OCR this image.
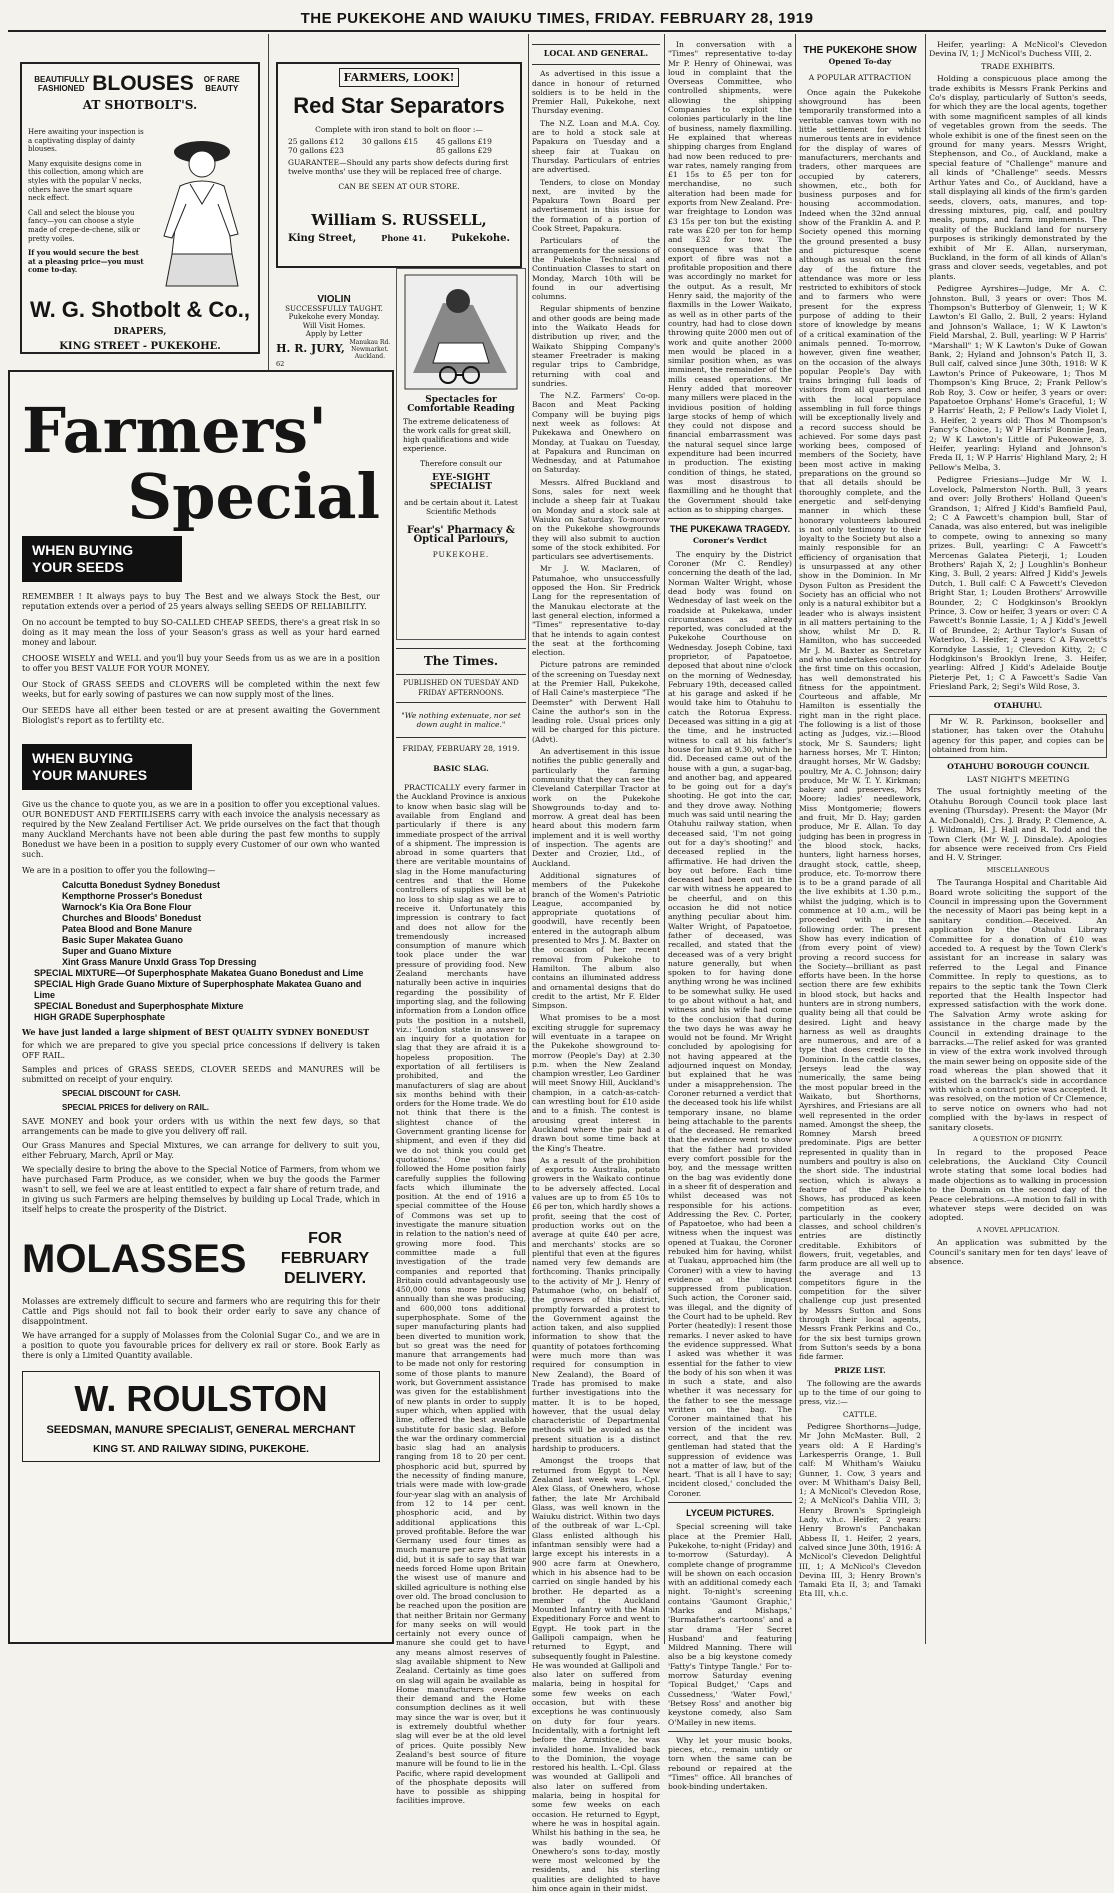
THE PUKEKOHE AND WAIUKU TIMES, FRIDAY. FEBRUARY 28, 1919
BEAUTIFULLY FASHIONED BLOUSES	OF RARE BEAUTY
AT SHOTBOLT'S.

Here awaiting your inspection is a captivating display of dainty blouses.

Many exquisite designs come in this collection, among which are styles with the popular V necks, others have the smart square neck effect.

Call and select the blouse you fancy—you can choose a style made of crepe-de-chene, silk or pretty voiles.

If you would secure the best at a pleasing price—you must come to-day.

W. G. Shotbolt & Co.,
DRAPERS,
KING STREET - PUKEKOHE.
FARMERS, LOOK!
Red Star Separators
Complete with iron stand to bolt on floor :—
25 gallons £12	30 gallons £15	45 gallons £19
70 gallons £23	85 gallons £29
GUARANTEE—Should any parts show defects during first twelve months' use they will be replaced free of charge.
CAN BE SEEN AT OUR STORE.
William S. RUSSELL,
King Street,	Phone 41.	Pukekohe.
Spectacles for Comfortable Reading

The extreme delicateness of the work calls for great skill, high qualifications and wide experience.

Therefore consult our
EYE-SIGHT SPECIALIST
and be certain about it. Latest Scientific Methods
Fear's' Pharmacy & Optical Parlours,
PUKEKOHE.
VIOLIN
SUCCESSFULLY TAUGHT.
Pukekohe every Monday.
Will Visit Homes.
Apply by Letter
H. R. JURY, Manukau Rd. Newmarket. Auckland.
62
The Times.
PUBLISHED ON TUESDAY AND FRIDAY AFTERNOONS.
"We nothing extenuate, nor set down aught in malice."
FRIDAY, FEBRUARY 28, 1919.
BASIC SLAG.

PRACTICALLY every farmer in the Auckland Province is anxious to know when basic slag will be available from England and particularly if there is any immediate prospect of the arrival of a shipment. The impression is abroad in some quarters that there are veritable mountains of slag in the Home manufacturing centres and that the Home controllers of supplies will be at no loss to ship slag as we are to receive it. Unfortunately this impression is contrary to fact and does not allow for the tremendously increased consumption of manure which took place under the war pressure of providing food. New Zealand merchants have naturally been active in inquiries regarding the possibility of importing slag, and the following information from a London office puts the position in a nutshell, viz.: 'London state in answer to an inquiry for a quotation for slag that they are afraid it is a hopeless proposition. The exportation of all fertilisers is prohibited, and the manufacturers of slag are about six months behind with their orders for the Home trade. We do not think that there is the slightest chance of the Government granting license for shipment, and even if they did we do not think you could get quotations.' One who has followed the Home position fairly carefully supplies the following facts which illuminate the position. At the end of 1916 a special committee of the House of Commons was set up to investigate the manure situation in relation to the nation's need of growing more food. This committee made a full investigation of the trade companies and reported that Britain could advantageously use 450,000 tons more basic slag annually than she was producing, and 600,000 tons additional superphosphate. Some of the super manufacturing plants had been diverted to munition work, but so great was the need for manure that arrangements had to be made not only for restoring some of those plants to manure work, but Government assistance was given for the establishment of new plants in order to supply super which, when applied with lime, offered the best available substitute for basic slag. Before the war the ordinary commercial basic slag had an analysis ranging from 18 to 20 per cent. phosphoric acid but, spurred by the necessity of finding manure, trials were made with low-grade four-year slag with an analysis of from 12 to 14 per cent. phosphoric acid, and by additional applications this proved profitable. Before the war Germany used four times as much manure per acre as Britain did, but it is safe to say that war needs forced Home upon Britain the wisest use of manure and skilled agriculture is nothing else over old. The broad conclusion to be reached upon the position are that neither Britain nor Germany for many seeks on will would certainly not every ounce of manure she could get to have any means almost reserves of slag available shipment to New Zealand. Certainly as time goes on slag will again be available as Home manufacturers overtake their demand and the Home consumption declines as it well may since the war is over, but it is extremely doubtful whether slag will ever be at the old level of prices. Quite possibly New Zealand's best source of fiture manure will be found to lie in the Pacific, where rapid development of the phosphate deposits will have to possible as shipping facilities improve.

Farmers'
Special
WHEN BUYING
YOUR SEEDS

REMEMBER ! It always pays to buy The Best and we always Stock the Best, our reputation extends over a period of 25 years always selling SEEDS OF RELIABILITY.

On no account be tempted to buy SO-CALLED CHEAP SEEDS, there's a great risk in so doing as it may mean the loss of your Season's grass as well as your hard earned money and labour.

CHOOSE WISELY and WELL and you'll buy your Seeds from us as we are in a position to offer you BEST VALUE FOR YOUR MONEY.

Our Stock of GRASS SEEDS and CLOVERS will be completed within the next few weeks, but for early sowing of pastures we can now supply most of the lines.

Our SEEDS have all either been tested or are at present awaiting the Government Biologist's report as to fertility etc.

WHEN BUYING
YOUR MANURES

Give us the chance to quote you, as we are in a position to offer you exceptional values. OUR BONEDUST AND FERTILISERS carry with each invoice the analysis necessary as required by the New Zealand Fertiliser Act. We pride ourselves on the fact that though many Auckland Merchants have not been able during the past few months to supply Bonedust we have been in a position to supply every Customer of our own who wanted such.

We are in a position to offer you the following—

Calcutta Bonedust Sydney Bonedust
Kempthorne Prosser's Bonedust
Warnock's Kia Ora Bone Flour
Churches and Bloods' Bonedust
Patea Blood and Bone Manure
Basic Super Makatea Guano
Super and Guano Mixture
Xint Grass Manure Unxld Grass Top Dressing
SPECIAL MIXTURE—Of Superphosphate Makatea Guano Bonedust and Lime
SPECIAL High Grade Guano Mixture of Superphosphate Makatea Guano and Lime
SPECIAL Bonedust and Superphosphate Mixture
HIGH GRADE Superphosphate

We have just landed a large shipment of BEST QUALITY SYDNEY BONEDUST

for which we are prepared to give you special price concessions if delivery is taken OFF RAIL.

Samples and prices of GRASS SEEDS, CLOVER SEEDS and MANURES will be submitted on receipt of your enquiry.

SPECIAL DISCOUNT for CASH.

SPECIAL PRICES for delivery on RAIL.

SAVE MONEY and book your orders with us within the next few days, so that arrangements can be made to give you delivery off rail.

Our Grass Manures and Special Mixtures, we can arrange for delivery to suit you, either February, March, April or May.

We specially desire to bring the above to the Special Notice of Farmers, from whom we have purchased Farm Produce, as we consider, when we buy the goods the Farmer wasn't to sell, we feel we are at least entitled to expect a fair share of return trade, and in giving us such Farmers are helping themselves by building up Local Trade, which in itself helps to create the prosperity of the District.

MOLASSES	FOR FEBRUARY DELIVERY.

Molasses are extremely difficult to secure and farmers who are requiring this for their Cattle and Pigs should not fail to book their order early to save any chance of disappointment.

We have arranged for a supply of Molasses from the Colonial Sugar Co., and we are in a position to quote you favourable prices for delivery ex rail or store. Book Early as there is only a Limited Quantity available.

W. ROULSTON
SEEDSMAN, MANURE SPECIALIST, GENERAL MERCHANT
KING ST. AND RAILWAY SIDING, PUKEKOHE.
LOCAL AND GENERAL.

As advertised in this issue a dance in honour of returned soldiers is to be held in the Premier Hall, Pukekohe, next Thursday evening.

The N.Z. Loan and M.A. Coy. are to hold a stock sale at Papakura on Tuesday and a sheep fair at Tuakau on Thursday. Particulars of entries are advertised.

Tenders, to close on Monday next, are invited by the Papakura Town Board per advertisement in this issue for the formation of a portion of Cook Street, Papakura.

Particulars of the arrangements for the sessions of the Pukekohe Technical and Continuation Classes to start on Monday, March 10th will be found in our advertising columns.

Regular shipments of benzine and other goods are being made into the Waikato Heads for distribution up river, and the Waikato Shipping Company's steamer Freetrader is making regular trips to Cambridge, returning with coal and sundries.

The N.Z. Farmers' Co-op. Bacon and Meat Packing Company will be buying pigs next week as follows: At Pukekawa and Onewhero on Monday, at Tuakau on Tuesday, at Papakura and Runciman on Wednesday, and at Patumahoe on Saturday.

Messrs. Alfred Buckland and Sons, sales for next week include a sheep fair at Tuakau on Monday and a stock sale at Waiuku on Saturday. To-morrow on the Pukekohe showgrounds they will also submit to auction some of the stock exhibited. For particulars see advertisements.

Mr J. W. Maclaren, of Patumahoe, who unsuccessfully opposed the Hon. Sir Fredrick Lang for the representation of the Manukau electorate at the last general election, informed a "Times" representative to-day that he intends to again contest the seat at the forthcoming election.

Picture patrons are reminded of the screening on Tuesday next at the Premier Hall, Pukekohe, of Hall Caine's masterpiece "The Deemster" with Derwent Hall Caine the author's son in the leading role. Usual prices only will be charged for this picture. (Advt).

An advertisement in this issue notifies the public generally and particularly the farming community that they can see the Cleveland Caterpillar Tractor at work on the Pukekohe Showgrounds to-day and to-morrow. A great deal has been heard about this modern farm implement and it is well worthy of inspection. The agents are Dexter and Crozier, Ltd., of Auckland.

Additional signatures of members of the Pukekohe branch of the Women's Patriotic League, accompanied by appropriate quotations of goodwill, have recently been entered in the autograph album presented to Mrs J. M. Baxter on the occasion of her recent removal from Pukekohe to Hamilton. The album also contains an illuminated address and ornamental designs that do credit to the artist, Mr F. Elder Simpson.

What promises to be a most exciting struggle for supremacy will eventuate in a tarapee on the Pukekohe showground to-morrow (People's Day) at 2.30 p.m. when the New Zealand champion wrestler, Leo Gardiner will meet Snowy Hill, Auckland's champion, in a catch-as-catch-can wrestling bout for £10 aside and to a finish. The contest is arousing great interest in Auckland where the pair had a drawn bout some time back at the King's Theatre.

As a result of the prohibition of exports to Australia, potato growers in the Waikato continue to be adversely affected. Local values are up to from £5 10s to £6 per ton, which hardly shows a profit, seeing that the cost of production works out on the average at quite £40 per acre, and merchants' stocks are so plentiful that even at the figures named very few demands are forthcoming. Thanks principally to the activity of Mr J. Henry of Patumahoe (who, on behalf of the growers of this district, promptly forwarded a protest to the Government against the action taken, and also supplied information to show that the quantity of potatoes forthcoming were much more than was required for consumption in New Zealand), the Board of Trade has promised to make further investigations into the matter. It is to be hoped, however, that the usual delay characteristic of Departmental methods will be avoided as the present situation is a distinct hardship to producers.

Amongst the troops that returned from Egypt to New Zealand last week was L.-Cpl. Alex Glass, of Onewhero, whose father, the late Mr Archibald Glass, was well known in the Waiuku district. Within two days of the outbreak of war L.-Cpl. Glass enlisted although his infantman sensibly were had a large except his interests in a 900 acre farm at Onewhero, which in his absence had to be carried on single handed by his brother. He departed as a member of the Auckland Mounted Infantry with the Main Expeditionary Force and went to Egypt. He took part in the Gallipoli campaign, when he returned to Egypt, and subsequently fought in Palestine. He was wounded at Gallipoli and also later on suffered from malaria, being in hospital for some few weeks on each occasion, but with these exceptions he was continuously on duty for four years. Incidentally, with a fortnight left before the Armistice, he was invalided home. Invalided back to the Dominion, the voyage restored his health. L.-Cpl. Glass was wounded at Gallipoli and also later on suffered from malaria, being in hospital for some few weeks on each occasion. He returned to Egypt, where he was in hospital again. Whilst his bathing in the sea, he was badly wounded. Of Onewhero's sons to-day, mostly were most welcomed by the residents, and his sterling qualities are delighted to have him once again in their midst.

In conversation with a "Times" representative to-day Mr P. Henry of Ohinewai, was loud in complaint that the Overseas Committee, who controlled shipments, were allowing the shipping Companies to exploit the colonies particularly in the line of business, namely flaxmilling. He explained that whereas shipping charges from England had now been reduced to pre-war rates, namely ranging from £1 15s to £5 per ton for merchandise, no such alteration had been made for exports from New Zealand. Pre-war freightage to London was £3 15s per ton but the existing rate was £20 per ton for hemp and £32 for tow. The consequence was that the export of fibre was not a profitable proposition and there was accordingly no market for the output. As a result, Mr Henry said, the majority of the flaxmills in the Lower Waikato, as well as in other parts of the country, had had to close down throwing quite 2000 men out of work and quite another 2000 men would be placed in a similar position when, as was imminent, the remainder of the mills ceased operations. Mr Henry added that moreover many millers were placed in the invidious position of holding large stocks of hemp of which they could not dispose and financial embarrassment was the natural sequel since large expenditure had been incurred in production. The existing condition of things, he stated, was most disastrous to flaxmilling and he thought that the Government should take action as to shipping charges.

THE PUKEKAWA TRAGEDY.
Coroner's Verdict

The enquiry by the District Coroner (Mr C. Rendley) concerning the death of the lad, Norman Walter Wright, whose dead body was found on Wednesday of last week on the roadside at Pukekawa, under circumstances as already reported, was concluded at the Pukekohe Courthouse on Wednesday. Joseph Cobine, taxi proprietor, of Papatoetoe, deposed that about nine o'clock on the morning of Wednesday, February 19th, deceased called at his garage and asked if he would take him to Otahuhu to catch the Rotorua Express. Deceased was sitting in a gig at the time, and he instructed witness to call at his father's house for him at 9.30, which he did. Deceased came out of the house with a gun, a sugar-bag, and another bag, and appeared to be going out for a day's shooting. He got into the car, and they drove away. Nothing much was said until nearing the Otahuhu railway station, when deceased said, 'I'm not going out for a day's shooting!' and deceased replied in the affirmative. He had driven the boy out before. Each time deceased had been out in the car with witness he appeared to be cheerful, and on this occasion he did not notice anything peculiar about him. Walter Wright, of Papatoetoe, father of deceased, was recalled, and stated that the deceased was of a very bright nature generally, but when spoken to for having done anything wrong he was inclined to be somewhat sulky. He used to go about without a hat, and witness and his wife had come to the conclusion that during the two days he was away he would not be found. Mr Wright concluded by apologising for not having appeared at the adjourned inquest on Monday, but explained that he was under a misapprehension. The Coroner returned a verdict that the deceased took his life whilst temporary insane, no blame being attachable to the parents of the deceased. He remarked that the evidence went to show that the father had provided every comfort possible for the boy, and the message written on the bag was evidently done in a sheer fit of desperation and whilst deceased was not responsible for his actions. Addressing the Rev. C. Porter, of Papatoetoe, who had been a witness when the inquest was opened at Tuakau, the Coroner rebuked him for having, whilst at Tuakau, approached him (the Coroner) with a view to having evidence at the inquest suppressed from publication. Such action, the Coroner said, was illegal, and the dignity of the Court had to be upheld. Rev Porter (heatedly): I resent those remarks. I never asked to have the evidence suppressed. What I asked was whether it was essential for the father to view the body of his son when it was in such a state, and also whether it was necessary for the father to see the message written on the bag. The Coroner maintained that his version of the incident was correct, and that the rev. gentleman had stated that the suppression of evidence was not a matter of law, but of the heart. 'That is all I have to say; incident closed,' concluded the Coroner.

LYCEUM PICTURES.

Special screening will take place at the Premier Hall, Pukekohe, to-night (Friday) and to-morrow (Saturday). A complete change of programme will be shown on each occasion with an additional comedy each night. To-night's screening contains 'Gaumont Graphic,' 'Marks and Mishaps,' 'Burmafather's cartoons' and a star drama 'Her Secret Husband' and featuring Mildred Manning. There will also be a big keystone comedy 'Fatty's Tintype Tangle.' For to-morrow Saturday evening 'Topical Budget,' 'Caps and Cussedness,' 'Water Fowl,' 'Betsey Ross' and another big keystone comedy, also Sam O'Mailey in new items.

Why let your music books, pieces, etc., remain untidy or torn when the same can be rebound or repaired at the "Times" office. All branches of book-binding undertaken.

THE PUKEKOHE SHOW
Opened To-day
A POPULAR ATTRACTION

Once again the Pukekohe showground has been temporarily transformed into a veritable canvas town with no little settlement for whilst numerous tents are in evidence for the display of wares of manufacturers, merchants and traders, other marquees are occupied by caterers, showmen, etc., both for business purposes and for housing accommodation. Indeed when the 32nd annual show of the Franklin A. and P. Society opened this morning the ground presented a busy and picturesque scene although as usual on the first day of the fixture the attendance was more or less restricted to exhibitors of stock and to farmers who were present for the express purpose of adding to their store of knowledge by means of a critical examination of the animals penned. To-morrow, however, given fine weather, on the occasion of the always popular People's Day with trains bringing full loads of visitors from all quarters and with the local populace assembling in full force things will be exceptionally lively and a record success should be achieved. For some days past working bees, composed of members of the Society, have been most active in making preparations on the ground so that all details should be thoroughly complete, and the energetic and self-denying manner in which these honorary volunteers laboured is not only testimony to their loyalty to the Society but also a mainly responsible for an efficiency of organisation that is unsurpassed at any other show in the Dominion. In Mr Dyson Fulton as President the Society has an official who not only is a natural exhibitor but a leader who is always insistent in all matters pertaining to the show, whilst Mr D. R. Hamilton, who has succeeded Mr J. M. Baxter as Secretary and who undertakes control for the first time on this occasion, has well demonstrated his fitness for the appointment. Courteous and affable, Mr Hamilton is essentially the right man in the right place. The following is a list of those acting as Judges, viz.:—Blood stock, Mr S. Saunders; light harness horses, Mr T. Hinton; draught horses, Mr W. Gadsby; poultry, Mr A. C. Johnson; dairy produce, Mr W. T. Y. Kirkman; bakery and preserves, Mrs Moore; ladies' needlework, Miss Montgomerie; flowers and fruit, Mr D. Hay; garden produce, Mr E. Allan. To day judging has been in progress in the blood stock, hacks, hunters, light harness horses, draught stock, cattle, sheep, produce, etc. To-morrow there is to be a grand parade of all the live exhibits at 1.30 p.m., whilst the judging, which is to commence at 10 a.m., will be proceeded with in the following order. The present Show has every indication of (from every point of view) proving a record success for the Society—brilliant as past efforts have been. In the horse section there are few exhibits in blood stock, but hacks and hunters are in strong numbers, quality being all that could be desired. Light and heavy harness as well as draughts are numerous, and are of a type that does credit to the Dominion. In the cattle classes, Jerseys lead the way numerically, the same being the most popular breed in the Waikato, but Shorthorns, Ayrshires, and Friesians are all well represented in the order named. Amongst the sheep, the Romney Marsh breed predominate. Pigs are better represented in quality than in numbers and poultry is also on the short side. The industrial section, which is always a feature of the Pukekohe Shows, has produced as keen competition as ever, particularly in the cookery classes, and school children's entries are distinctly creditable. Exhibitors of flowers, fruit, vegetables, and farm produce are all well up to the average and 13 competitors figure in the competition for the silver challenge cup just presented by Messrs Sutton and Sons through their local agents, Messrs Frank Perkins and Co., for the six best turnips grown from Sutton's seeds by a bona fide farmer.

PRIZE LIST.

The following are the awards up to the time of our going to press, viz.:—

CATTLE.

Pedigree Shorthorns—Judge, Mr John McMaster. Bull, 2 years old: A E Harding's Larkesperris Orange, 1. Bull calf: M Whitham's Waiuku Gunner, 1. Cow, 3 years and over: M Whitham's Daisy Bell, 1; A McNicol's Clevedon Rose, 2; A McNicol's Dahlia VIII, 3; Henry Brown's Springleigh Lady, v.h.c. Heifer, 2 years: Henry Brown's Panchakan Abbess II, 1. Heifer, 2 years, calved since June 30th, 1916: A McNicol's Clevedon Delightful III, 1; A McNicol's Clevedon Devina III, 3; Henry Brown's Tamaki Eta II, 3; and Tamaki Eta III, v.h.c.

Heifer, yearling: A McNicol's Clevedon Devina IV, 1; J McNicol's Duchess VIII, 2.

TRADE EXHIBITS.

Holding a conspicuous place among the trade exhibits is Messrs Frank Perkins and Co's display, particularly of Sutton's seeds, for which they are the local agents, together with some magnificent samples of all kinds of vegetables grown from the seeds. The whole exhibit is one of the finest seen on the ground for many years. Messrs Wright, Stephenson, and Co., of Auckland, make a special feature of "Challenge" manure and all kinds of "Challenge" seeds. Messrs Arthur Yates and Co., of Auckland, have a stall displaying all kinds of the firm's garden seeds, clovers, oats, manures, and top-dressing mixtures, pig, calf, and poultry meals, pumps, and farm implements. The quality of the Buckland land for nursery purposes is strikingly demonstrated by the exhibit of Mr E. Allan, nurseryman, Buckland, in the form of all kinds of Allan's grass and clover seeds, vegetables, and pot plants.

Pedigree Ayrshires—Judge, Mr A. C. Johnston. Bull, 3 years or over: Thos M. Thompson's Butterboy of Glenweir, 1; W K Lawton's El Gallo, 2. Bull, 2 years: Hyland and Johnson's Wallace, 1; W K Lawton's Field Marshal, 2. Bull, yearling: W P Harris' "Marshall" 1; W K Lawton's Duke of Gowan Bank, 2; Hyland and Johnson's Patch II, 3. Bull calf, calved since June 30th, 1918: W K Lawton's Prince of Pukeoware, 1; Thos M Thompson's King Bruce, 2; Frank Pellow's Rob Roy, 3. Cow or heifer, 3 years or over: Papatoetoe Orphans' Home's Graceful, 1; W P Harris' Heath, 2; F Pellow's Lady Violet I, 3. Heifer, 2 years old: Thos M Thompson's Fancy's Choice, 1; W P Harris' Bonnie Jean, 2; W K Lawton's Little of Pukeoware, 3. Heifer, yearling: Hyland and Johnson's Freda II, 1; W P Harris' Highland Mary, 2; H Pellow's Melba, 3.

Pedigree Friesians—Judge Mr W. I. Lovelock, Palmerston North. Bull, 3 years and over: Jolly Brothers' Holland Queen's Grandson, 1; Alfred J Kidd's Bamfield Paul, 2; C A Fawcett's champion bull, Star of Canada, was also entered, but was ineligible to compete, owing to annexing so many prizes. Bull, yearling: C A Fawcett's Mercenas Galatea Pieterji, 1; Louden Brothers' Rajah X, 2; J Loughlin's Bonheur King, 3. Bull, 2 years: Alfred J Kidd's Jewels Dutch, 1. Bull calf: C A Fawcett's Clevedon Bright Star, 1; Louden Brothers' Arrowville Bounder, 2; C Hodgkinson's Brooklyn Prince, 3. Cow or heifer, 3 years or over: C A Fawcett's Bonnie Lassie, 1; A J Kidd's Jewell II of Brundee, 2; Arthur Taylor's Susan of Waterloo, 3. Heifer, 2 years: C A Fawcett's Korndyke Lassie, 1; Clevedon Kitty, 2; C Hodgkinson's Brooklyn Irene, 3. Heifer, yearling: Alfred J Kidd's Adelaide Boutje Pieterje Pet, 1; C A Fawcett's Sadie Van Friesland Park, 2; Segi's Wild Rose, 3.

OTAHUHU.

Mr W. R. Parkinson, bookseller and stationer, has taken over the Otahuhu agency for this paper, and copies can be obtained from him.

OTAHUHU BOROUGH COUNCIL
LAST NIGHT'S MEETING

The usual fortnightly meeting of the Otahuhu Borough Council took place last evening (Thursday). Present: the Mayor (Mr A. McDonald), Crs. J. Brady, P. Clemence, A. J. Wildman, H. J. Hall and R. Todd and the Town Clerk (Mr W. J. Dinsdale). Apologies for absence were received from Crs Field and H. V. Stringer.

MISCELLANEOUS

The Tauranga Hospital and Charitable Aid Board wrote soliciting the support of the Council in impressing upon the Government the necessity of Maori pas being kept in a sanitary condition.—Received. An application by the Otahuhu Library Committee for a donation of £10 was acceded to. A request by the Town Clerk's assistant for an increase in salary was referred to the Legal and Finance Committee. In reply to questions, as to repairs to the septic tank the Town Clerk reported that the Health Inspector had expressed satisfaction with the work done. The Salvation Army wrote asking for assistance in the charge made by the Council in extending drainage to the barracks.—The relief asked for was granted in view of the extra work involved through the main sewer being on opposite side of the road whereas the plan showed that it existed on the barrack's side in accordance with which a contract price was accepted. It was resolved, on the motion of Cr Clemence, to serve notice on owners who had not complied with the by-laws in respect of sanitary closets.

A QUESTION OF DIGNITY.

In regard to the proposed Peace celebrations, the Auckland City Council wrote stating that some local bodies had made objections as to walking in procession to the Domain on the second day of the Peace celebrations.—A motion to fall in with whatever steps were decided on was adopted.

A NOVEL APPLICATION.

An application was submitted by the Council's sanitary men for ten days' leave of absence.
